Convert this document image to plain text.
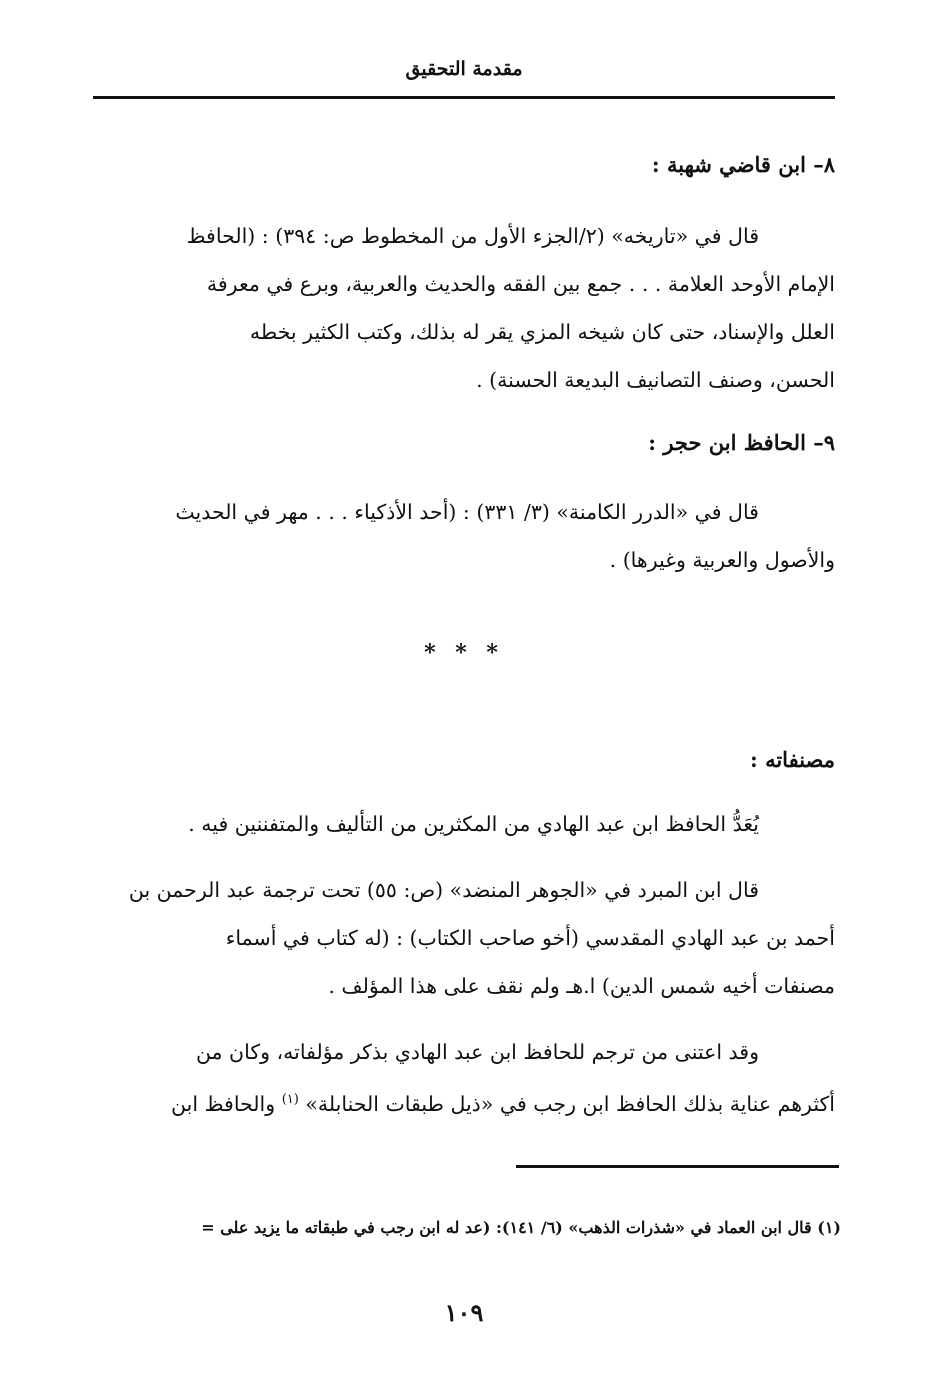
مقدمة التحقيق
٨– ابن قاضي شهبة :
قال في «تاريخه» (٢/الجزء الأول من المخطوط ص: ٣٩٤) : (الحافظ
الإمام الأوحد العلامة . . . جمع بين الفقه والحديث والعربية، وبرع في معرفة
العلل والإسناد، حتى كان شيخه المزي يقر له بذلك، وكتب الكثير بخطه
الحسن، وصنف التصانيف البديعة الحسنة) .
٩– الحافظ ابن حجر :
قال في «الدرر الكامنة» (٣/ ٣٣١) : (أحد الأذكياء . . . مهر في الحديث
والأصول والعربية وغيرها) .
* * *
مصنفاته :
يُعَدُّ الحافظ ابن عبد الهادي من المكثرين من التأليف والمتفننين فيه .
قال ابن المبرد في «الجوهر المنضد» (ص: ٥٥) تحت ترجمة عبد الرحمن بن
أحمد بن عبد الهادي المقدسي (أخو صاحب الكتاب) : (له كتاب في أسماء
مصنفات أخيه شمس الدين) ا.هـ ولم نقف على هذا المؤلف .
وقد اعتنى من ترجم للحافظ ابن عبد الهادي بذكر مؤلفاته، وكان من
أكثرهم عناية بذلك الحافظ ابن رجب في «ذيل طبقات الحنابلة» $^{(١)}$ والحافظ ابن
(١) قال ابن العماد في «شذرات الذهب» (٦/ ١٤١): (عد له ابن رجب في طبقاته ما يزيد على =
١٠٩
